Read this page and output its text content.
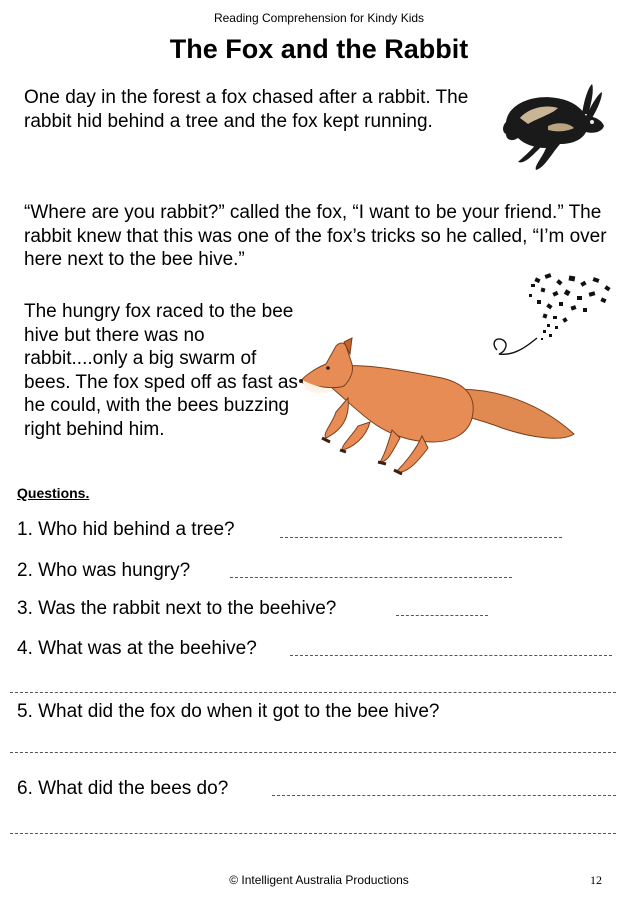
Reading Comprehension for Kindy Kids
The Fox and the Rabbit
One day in the forest a fox chased after a rabbit. The rabbit hid behind a tree and the fox kept running.
“Where are you rabbit?” called the fox, “I want to be your friend.” The rabbit knew that this was one of the fox’s tricks so he called, “I’m over here next to the bee hive.”
The hungry fox raced to the bee hive but there was no rabbit....only a big swarm of bees. The fox sped off as fast as he could, with the bees buzzing right behind him.
Questions.
1. Who hid behind a tree?
2. Who was hungry?
3. Was the rabbit next to the beehive?
4. What was at the beehive?
5. What did the fox do when it got to the bee hive?
6. What did the bees do?
© Intelligent Australia Productions	12
